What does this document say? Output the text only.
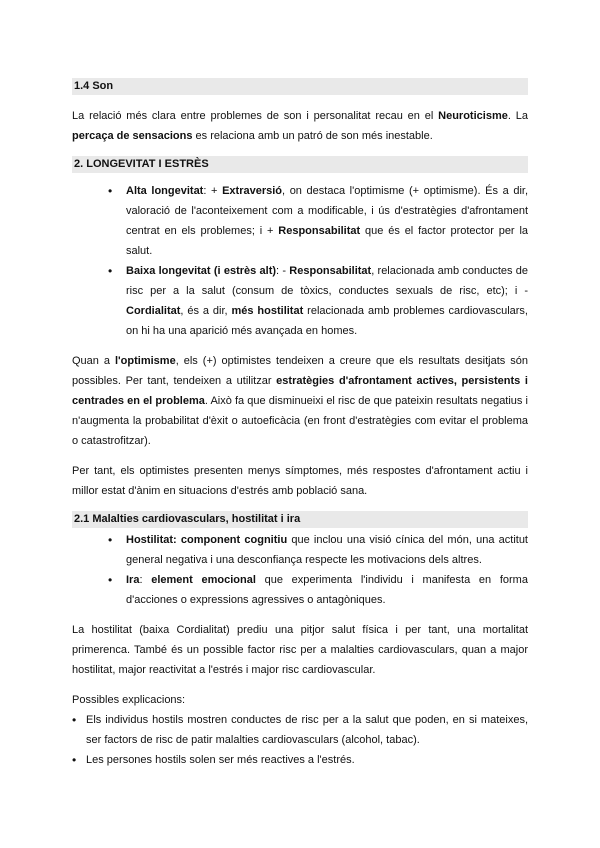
1.4 Son

La relació més clara entre problemes de son i personalitat recau en el Neuroticisme. La percaça de sensacions es relaciona amb un patró de son més inestable.

2. LONGEVITAT I ESTRÈS
• Alta longevitat: + Extraversió, on destaca l'optimisme (+ optimisme). És a dir, valoració de l'aconteixement com a modificable, i ús d'estratègies d'afrontament centrat en els problemes; i + Responsabilitat que és el factor protector per la salut.
• Baixa longevitat (i estrès alt): - Responsabilitat, relacionada amb conductes de risc per a la salut (consum de tòxics, conductes sexuals de risc, etc); i - Cordialitat, és a dir, més hostilitat relacionada amb problemes cardiovasculars, on hi ha una aparició més avançada en homes.

Quan a l'optimisme, els (+) optimistes tendeixen a creure que els resultats desitjats són possibles. Per tant, tendeixen a utilitzar estratègies d'afrontament actives, persistents i centrades en el problema. Això fa que disminueixi el risc de que pateixin resultats negatius i n'augmenta la probabilitat d'èxit o autoeficàcia (en front d'estratègies com evitar el problema o catastrofitzar).

Per tant, els optimistes presenten menys símptomes, més respostes d'afrontament actiu i millor estat d'ànim en situacions d'estrés amb població sana.

2.1 Malalties cardiovasculars, hostilitat i ira
• Hostilitat: component cognitiu que inclou una visió cínica del món, una actitut general negativa i una desconfiança respecte les motivacions dels altres.
• Ira: element emocional que experimenta l'individu i manifesta en forma d'acciones o expressions agressives o antagòniques.

La hostilitat (baixa Cordialitat) prediu una pitjor salut física i per tant, una mortalitat primerenca. També és un possible factor risc per a malalties cardiovasculars, quan a major hostilitat, major reactivitat a l'estrés i major risc cardiovascular.

Possibles explicacions:

• Els individus hostils mostren conductes de risc per a la salut que poden, en si mateixes, ser factors de risc de patir malalties cardiovasculars (alcohol, tabac).
• Les persones hostils solen ser més reactives a l'estrés.
